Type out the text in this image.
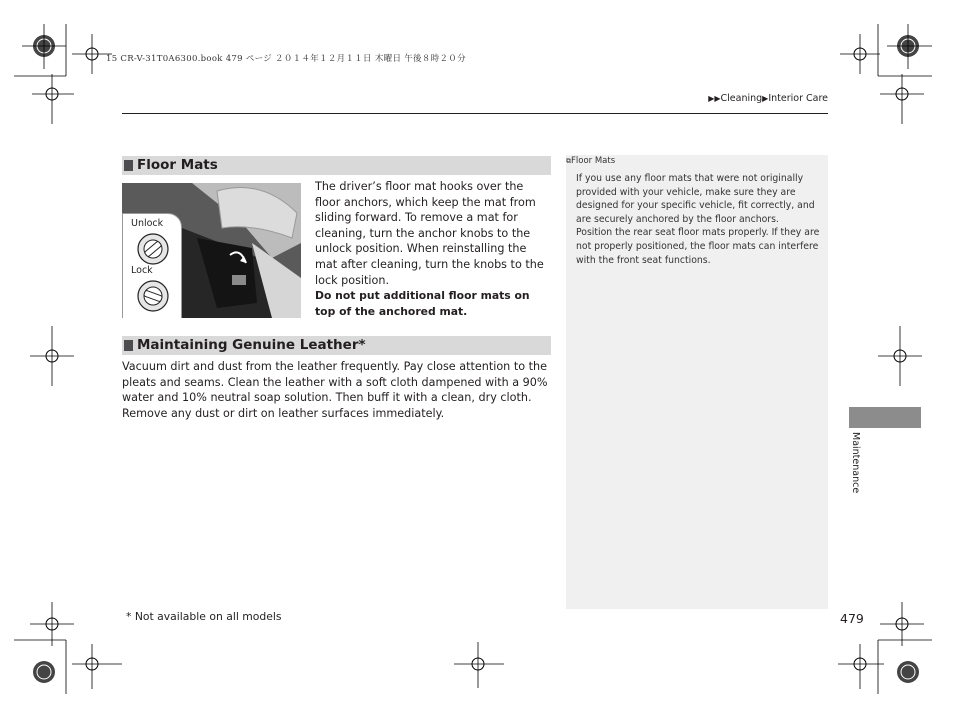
15 CR-V-31T0A6300.book 479 ページ ２０１４年１２月１１日 木曜日 午後８時２０分
▶▶Cleaning▶Interior Care
Floor Mats
Unlock
Lock
The driver’s floor mat hooks over the floor anchors, which keep the mat from sliding forward. To remove a mat for cleaning, turn the anchor knobs to the unlock position. When reinstalling the mat after cleaning, turn the knobs to the lock position.
Do not put additional floor mats on top of the anchored mat.
Maintaining Genuine Leather*
Vacuum dirt and dust from the leather frequently. Pay close attention to the pleats and seams. Clean the leather with a soft cloth dampened with a 90% water and 10% neutral soap solution. Then buff it with a clean, dry cloth. Remove any dust or dirt on leather surfaces immediately.
⧉Floor Mats
If you use any floor mats that were not originally
provided with your vehicle, make sure they are
designed for your specific vehicle, fit correctly, and
are securely anchored by the floor anchors.
Position the rear seat floor mats properly. If they are
not properly positioned, the floor mats can interfere
with the front seat functions.
Maintenance
* Not available on all models	479
